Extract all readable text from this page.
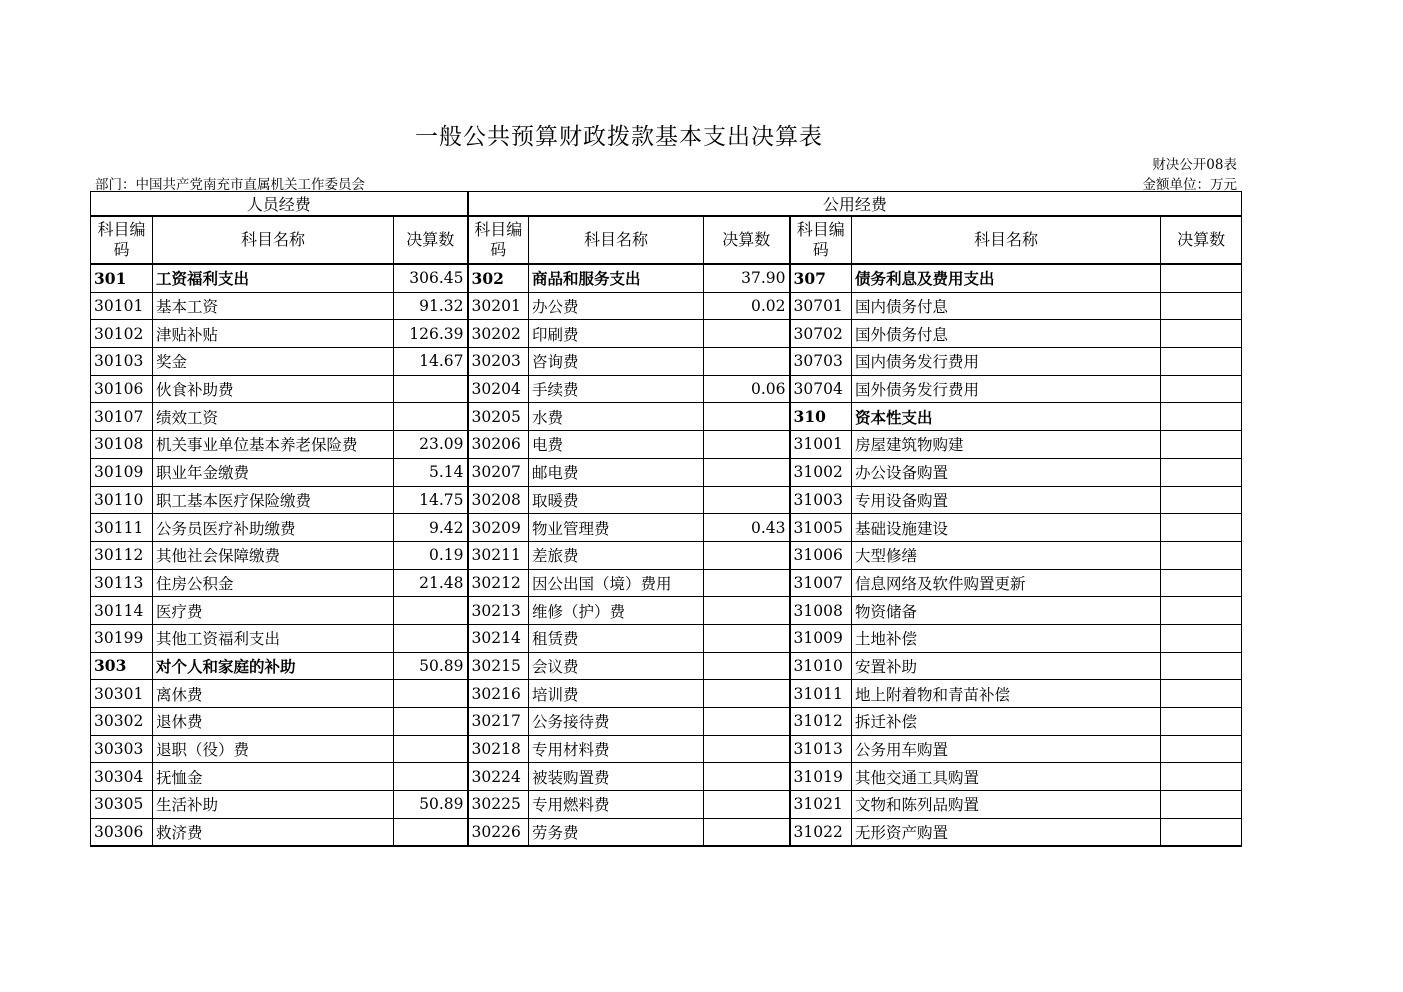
一般公共预算财政拨款基本支出决算表
财决公开08表
部门：中国共产党南充市直属机关工作委员会	金额单位：万元
人员经费			公用经费					
科目编码	科目名称	决算数	科目编码	科目名称	决算数	科目编码	科目名称	决算数
301	工资福利支出	306.45	302	商品和服务支出	37.90	307	债务利息及费用支出	
30101	基本工资	91.32	30201	办公费	0.02	30701	国内债务付息	
30102	津贴补贴	126.39	30202	印刷费		30702	国外债务付息	
30103	奖金	14.67	30203	咨询费		30703	国内债务发行费用	
30106	伙食补助费		30204	手续费	0.06	30704	国外债务发行费用	
30107	绩效工资		30205	水费		310	资本性支出	
30108	机关事业单位基本养老保险费	23.09	30206	电费		31001	房屋建筑物购建	
30109	职业年金缴费	5.14	30207	邮电费		31002	办公设备购置	
30110	职工基本医疗保险缴费	14.75	30208	取暖费		31003	专用设备购置	
30111	公务员医疗补助缴费	9.42	30209	物业管理费	0.43	31005	基础设施建设	
30112	其他社会保障缴费	0.19	30211	差旅费		31006	大型修缮	
30113	住房公积金	21.48	30212	因公出国（境）费用		31007	信息网络及软件购置更新	
30114	医疗费		30213	维修（护）费		31008	物资储备	
30199	其他工资福利支出		30214	租赁费		31009	土地补偿	
303	对个人和家庭的补助	50.89	30215	会议费		31010	安置补助	
30301	离休费		30216	培训费		31011	地上附着物和青苗补偿	
30302	退休费		30217	公务接待费		31012	拆迁补偿	
30303	退职（役）费		30218	专用材料费		31013	公务用车购置	
30304	抚恤金		30224	被装购置费		31019	其他交通工具购置	
30305	生活补助	50.89	30225	专用燃料费		31021	文物和陈列品购置	
30306	救济费		30226	劳务费		31022	无形资产购置	
